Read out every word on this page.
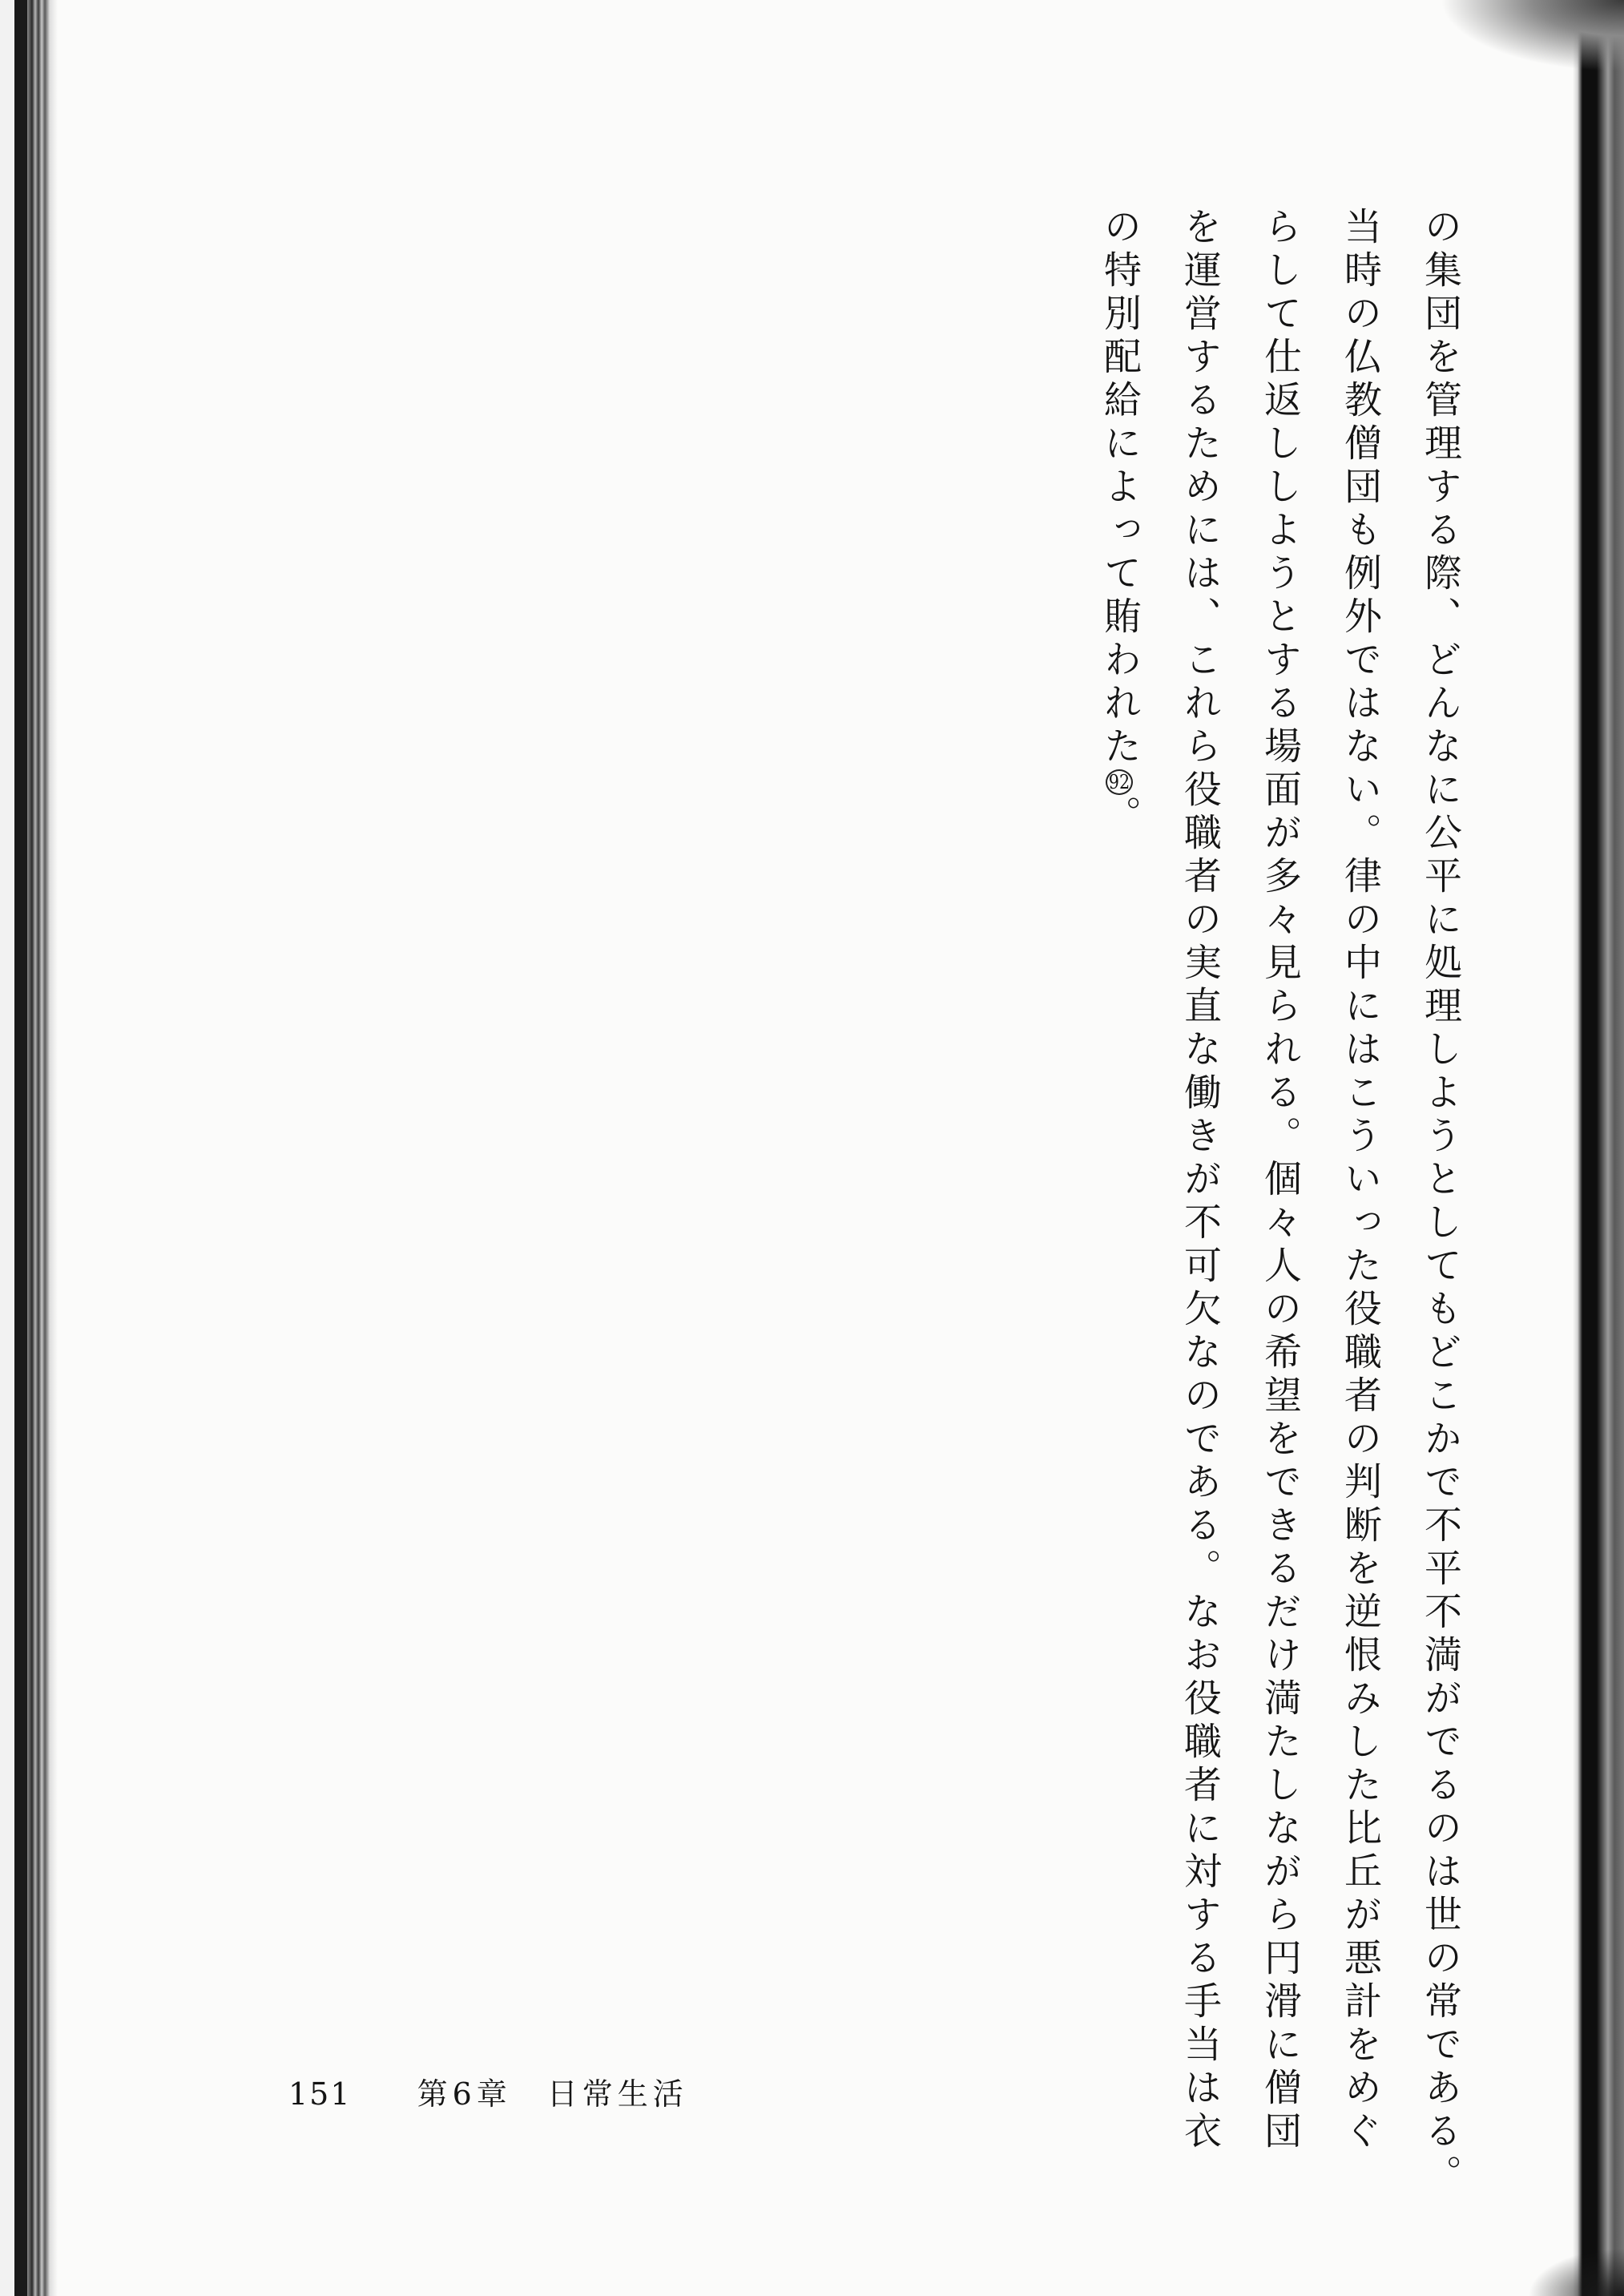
の集団を管理する際、どんなに公平に処理しようとしてもどこかで不平不満がでるのは世の常である。
当時の仏教僧団も例外ではない。律の中にはこういった役職者の判断を逆恨みした比丘が悪計をめぐ
らして仕返ししようとする場面が多々見られる。個々人の希望をできるだけ満たしながら円滑に僧団
を運営するためには、これら役職者の実直な働きが不可欠なのである。なお役職者に対する手当は衣
の特別配給によって賄われた92。
151 第6章　日常生活
